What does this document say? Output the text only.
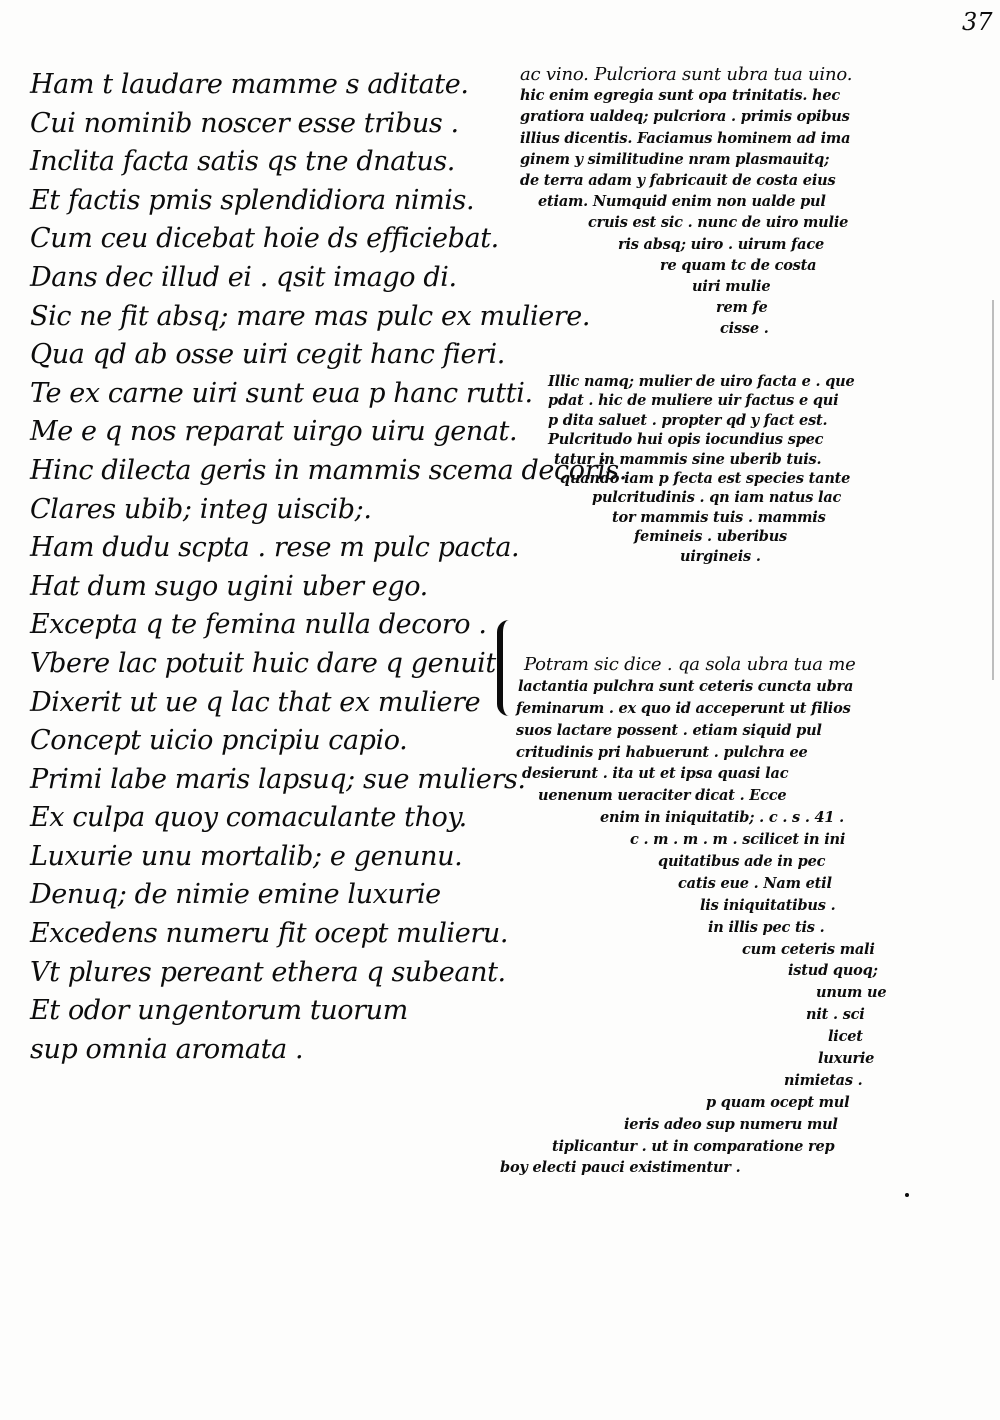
37
Ham t laudare mamme s aditate.
Cui nominib noscer esse tribus .
Inclita facta satis qs tne dnatus.
Et factis pmis splendidiora nimis.
Cum ceu dicebat hoie ds efficiebat.
Dans dec illud ei . qsit imago di.
Sic ne fit absq; mare mas pulc ex muliere.
Qua qd ab osse uiri cegit hanc fieri.
Te ex carne uiri sunt eua p hanc rutti.
Me e q nos reparat uirgo uiru genat.
Hinc dilecta geris in mammis scema decoris.
Clares ubib; integ uiscib;.
Ham dudu scpta . rese m pulc pacta.
Hat dum sugo ugini uber ego.
Excepta q te femina nulla decoro .
Vbere lac potuit huic dare q genuit.
Dixerit ut ue q lac that ex muliere
Concept uicio pncipiu capio.
Primi labe maris lapsuq; sue muliers.
Ex culpa quoy comaculante thoy.
Luxurie unu mortalib; e genunu.
Denuq; de nimie emine luxurie
Excedens numeru fit ocept mulieru.
Vt plures pereant ethera q subeant.
Et odor ungentorum tuorum
sup omnia aromata .
ac vino. Pulcriora sunt ubra tua uino.
hic enim egregia sunt opa trinitatis. hec
gratiora ualdeq; pulcriora . primis opibus
illius dicentis. Faciamus hominem ad ima
ginem y similitudine nram plasmauitq;
de terra adam y fabricauit de costa eius
etiam. Numquid enim non ualde pul
cruis est sic . nunc de uiro mulie
ris absq; uiro . uirum face
re quam tc de costa
uiri mulie
rem fe
cisse .
Illic namq; mulier de uiro facta e . que
pdat . hic de muliere uir factus e qui
p dita saluet . propter qd y fact est.
Pulcritudo hui opis iocundius spec
tatur in mammis sine uberib tuis.
quando iam p fecta est species tante
pulcritudinis . qn iam natus lac
tor mammis tuis . mammis
femineis . uberibus
uirgineis .
Potram sic dice . qa sola ubra tua me
lactantia pulchra sunt ceteris cuncta ubra
feminarum . ex quo id acceperunt ut filios
suos lactare possent . etiam siquid pul
critudinis pri habuerunt . pulchra ee
desierunt . ita ut et ipsa quasi lac
uenenum ueraciter dicat . Ecce
enim in iniquitatib; . c . s . 41 .
c . m . m . m . scilicet in ini
quitatibus ade in pec
catis eue . Nam etil
lis iniquitatibus .
in illis pec tis .
cum ceteris mali
istud quoq;
unum ue
nit . sci
licet
luxurie
nimietas .
p quam ocept mul
ieris adeo sup numeru mul
tiplicantur . ut in comparatione rep
boy electi pauci existimentur .
